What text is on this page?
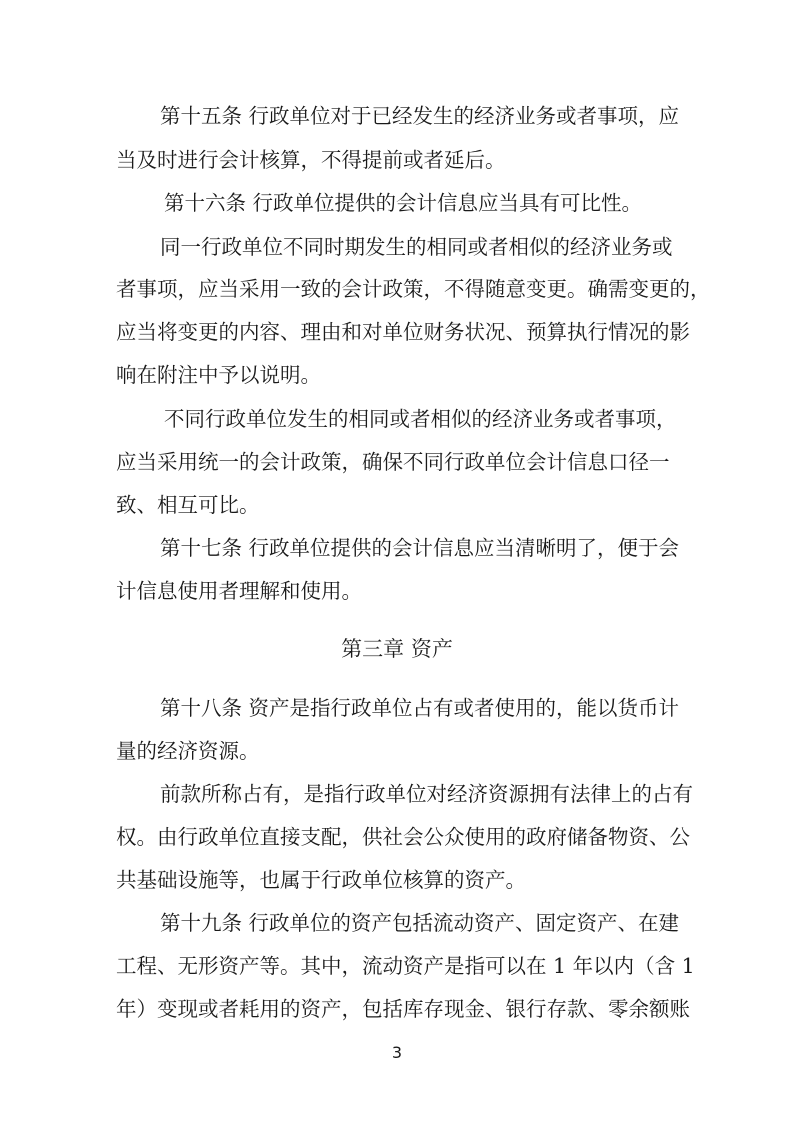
第十五条 行政单位对于已经发生的经济业务或者事项，应
当及时进行会计核算，不得提前或者延后。
第十六条 行政单位提供的会计信息应当具有可比性。
同一行政单位不同时期发生的相同或者相似的经济业务或
者事项，应当采用一致的会计政策，不得随意变更。确需变更的，
应当将变更的内容、理由和对单位财务状况、预算执行情况的影
响在附注中予以说明。
不同行政单位发生的相同或者相似的经济业务或者事项，
应当采用统一的会计政策，确保不同行政单位会计信息口径一
致、相互可比。
第十七条 行政单位提供的会计信息应当清晰明了，便于会
计信息使用者理解和使用。
第三章 资产
第十八条 资产是指行政单位占有或者使用的，能以货币计
量的经济资源。
前款所称占有，是指行政单位对经济资源拥有法律上的占有
权。由行政单位直接支配，供社会公众使用的政府储备物资、公
共基础设施等，也属于行政单位核算的资产。
第十九条 行政单位的资产包括流动资产、固定资产、在建
工程、无形资产等。其中，流动资产是指可以在 1 年以内（含 1
年）变现或者耗用的资产，包括库存现金、银行存款、零余额账
3
